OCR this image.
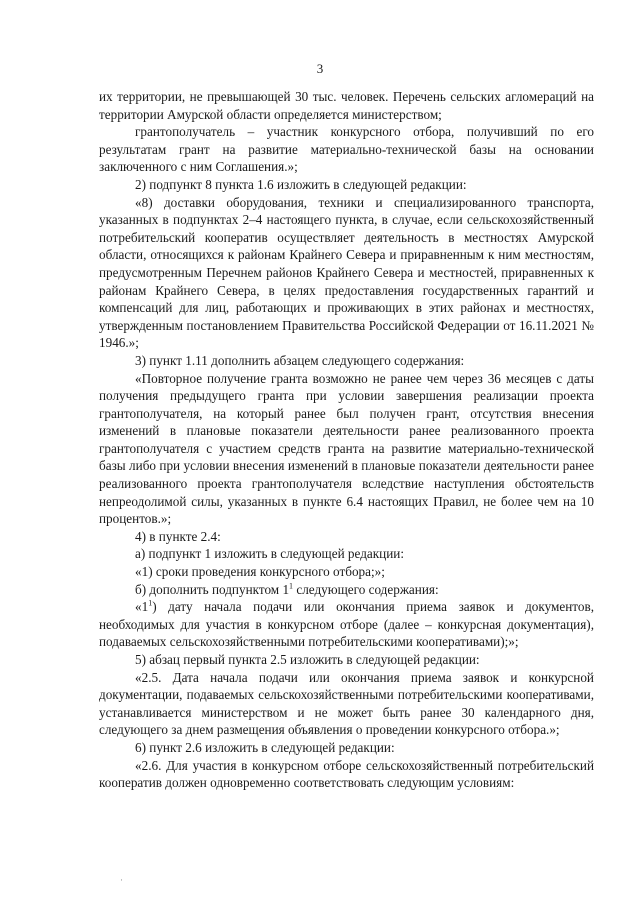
3

их территории, не превышающей 30 тыс. человек. Перечень сельских агломераций на территории Амурской области определяется министерством;

грантополучатель – участник конкурсного отбора, получивший по его результатам грант на развитие материально-технической базы на основании заключенного с ним Соглашения.»;

2) подпункт 8 пункта 1.6 изложить в следующей редакции:

«8) доставки оборудования, техники и специализированного транспорта, указанных в подпунктах 2–4 настоящего пункта, в случае, если сельскохозяйственный потребительский кооператив осуществляет деятельность в местностях Амурской области, относящихся к районам Крайнего Севера и приравненным к ним местностям, предусмотренным Перечнем районов Крайнего Севера и местностей, приравненных к районам Крайнего Севера, в целях предоставления государственных гарантий и компенсаций для лиц, работающих и проживающих в этих районах и местностях, утвержденным постановлением Правительства Российской Федерации от 16.11.2021 № 1946.»;

3) пункт 1.11 дополнить абзацем следующего содержания:

«Повторное получение гранта возможно не ранее чем через 36 месяцев с даты получения предыдущего гранта при условии завершения реализации проекта грантополучателя, на который ранее был получен грант, отсутствия внесения изменений в плановые показатели деятельности ранее реализованного проекта грантополучателя с участием средств гранта на развитие материально-технической базы либо при условии внесения изменений в плановые показатели деятельности ранее реализованного проекта грантополучателя вследствие наступления обстоятельств непреодолимой силы, указанных в пункте 6.4 настоящих Правил, не более чем на 10 процентов.»;

4) в пункте 2.4:

а) подпункт 1 изложить в следующей редакции:

«1) сроки проведения конкурсного отбора;»;

б) дополнить подпунктом $1^1$ следующего содержания:

«$1^1$) дату начала подачи или окончания приема заявок и документов, необходимых для участия в конкурсном отборе (далее – конкурсная документация), подаваемых сельскохозяйственными потребительскими кооперативами);»;

5) абзац первый пункта 2.5 изложить в следующей редакции:

«2.5. Дата начала подачи или окончания приема заявок и конкурсной документации, подаваемых сельскохозяйственными потребительскими кооперативами, устанавливается министерством и не может быть ранее 30 календарного дня, следующего за днем размещения объявления о проведении конкурсного отбора.»;

6) пункт 2.6 изложить в следующей редакции:

«2.6. Для участия в конкурсном отборе сельскохозяйственный потребительский кооператив должен одновременно соответствовать следующим условиям:

·
